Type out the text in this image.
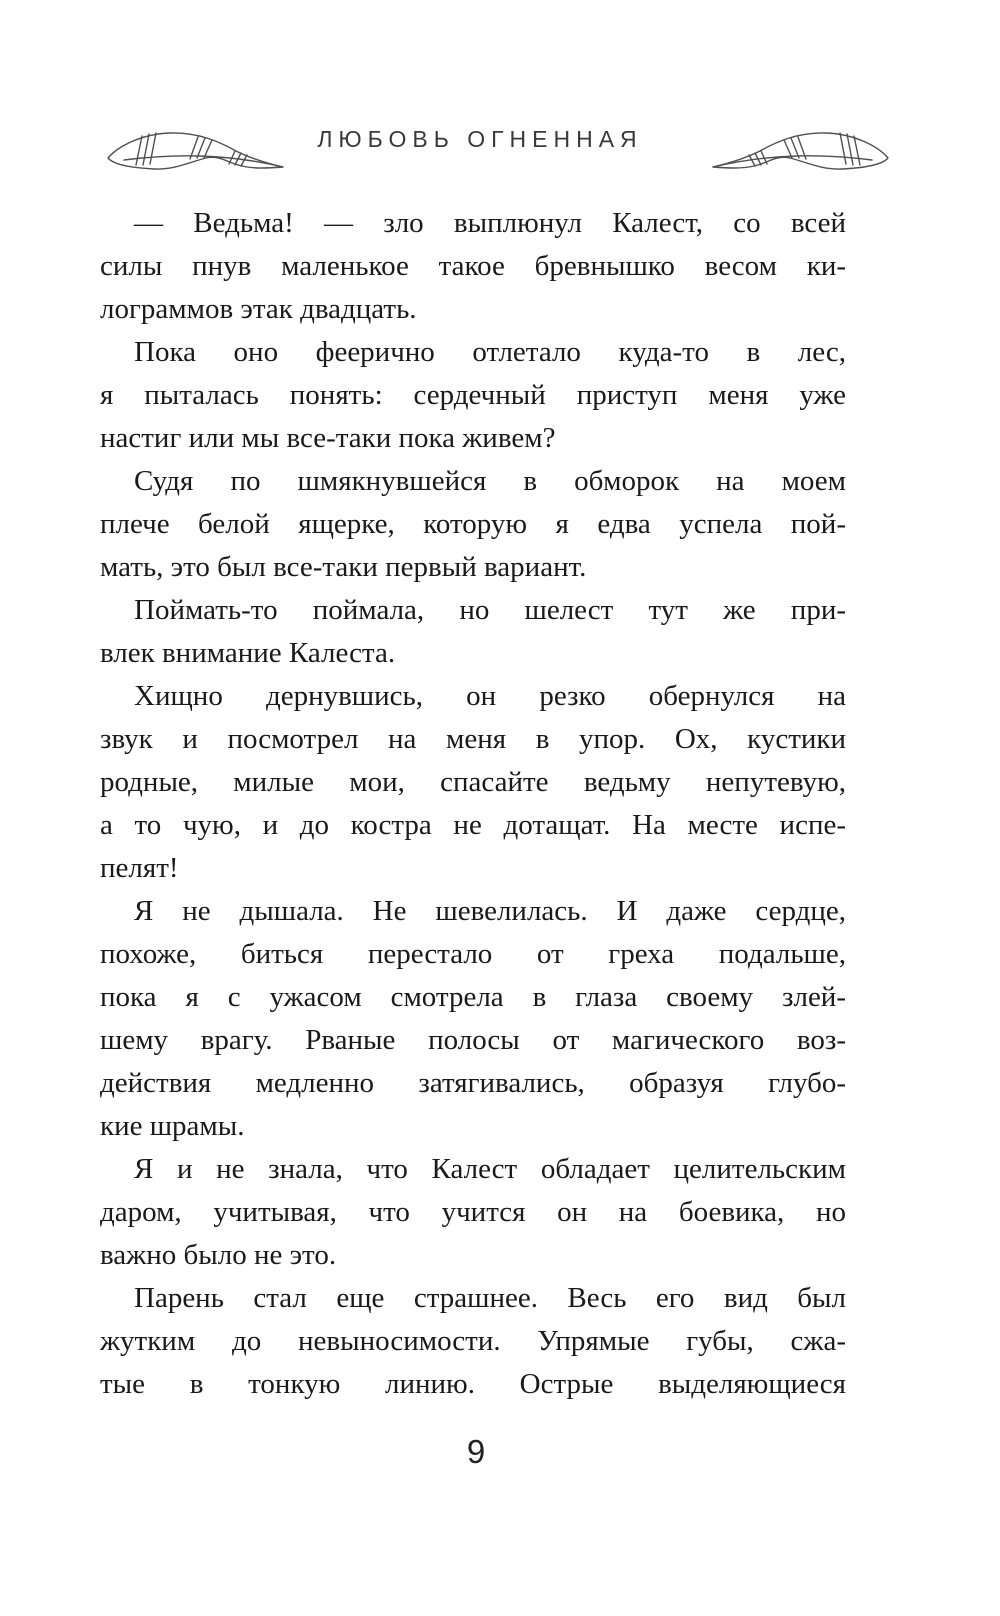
ЛЮБОВЬ ОГНЕННАЯ
— Ведьма! — зло выплюнул Калест, со всей
силы пнув маленькое такое бревнышко весом ки-
лограммов этак двадцать.
Пока оно феерично отлетало куда-то в лес,
я пыталась понять: сердечный приступ меня уже
настиг или мы все-таки пока живем?
Судя по шмякнувшейся в обморок на моем
плече белой ящерке, которую я едва успела пой-
мать, это был все-таки первый вариант.
Поймать-то поймала, но шелест тут же при-
влек внимание Калеста.
Хищно дернувшись, он резко обернулся на
звук и посмотрел на меня в упор. Ох, кустики
родные, милые мои, спасайте ведьму непутевую,
а то чую, и до костра не дотащат. На месте испе-
пелят!
Я не дышала. Не шевелилась. И даже сердце,
похоже, биться перестало от греха подальше,
пока я с ужасом смотрела в глаза своему злей-
шему врагу. Рваные полосы от магического воз-
действия медленно затягивались, образуя глубо-
кие шрамы.
Я и не знала, что Калест обладает целительским
даром, учитывая, что учится он на боевика, но
важно было не это.
Парень стал еще страшнее. Весь его вид был
жутким до невыносимости. Упрямые губы, сжа-
тые в тонкую линию. Острые выделяющиеся
9
